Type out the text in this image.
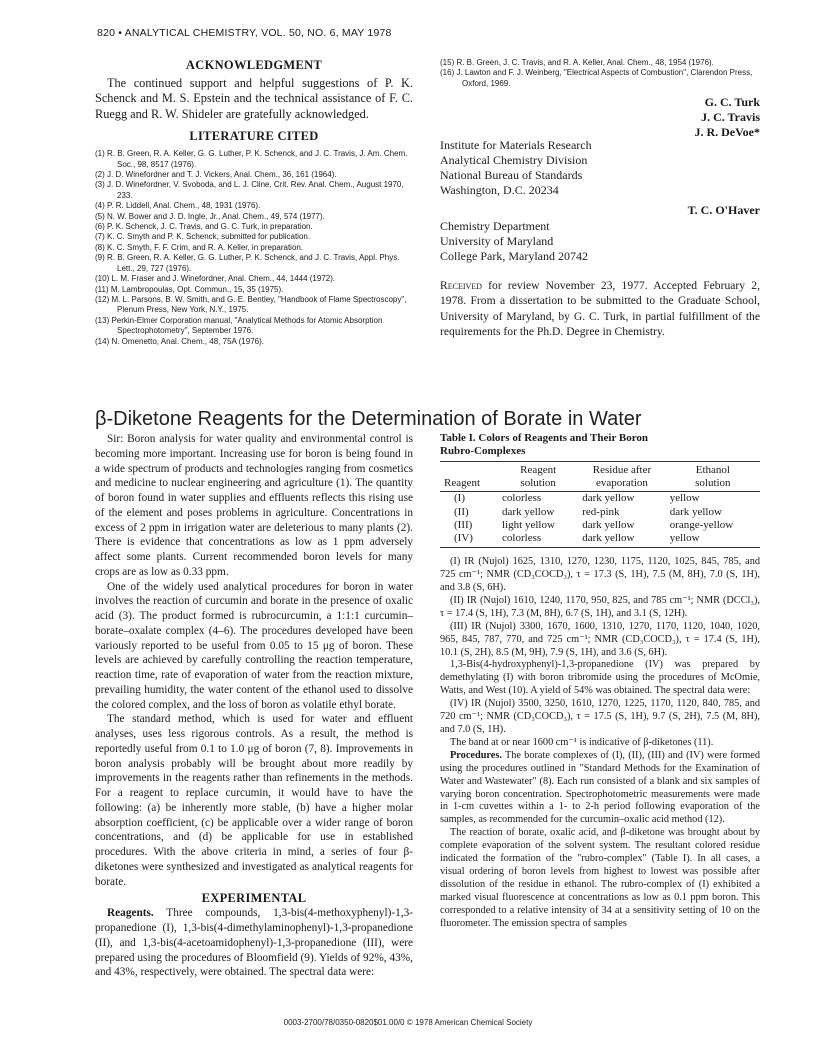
820 • ANALYTICAL CHEMISTRY, VOL. 50, NO. 6, MAY 1978
ACKNOWLEDGMENT

The continued support and helpful suggestions of P. K. Schenck and M. S. Epstein and the technical assistance of F. C. Ruegg and R. W. Shideler are gratefully acknowledged.

LITERATURE CITED
(1) R. B. Green, R. A. Keller, G. G. Luther, P. K. Schenck, and J. C. Travis, J. Am. Chem. Soc., 98, 8517 (1976).
(2) J. D. Winefordner and T. J. Vickers, Anal. Chem., 36, 161 (1964).
(3) J. D. Winefordner, V. Svoboda, and L. J. Cline, Crit. Rev. Anal. Chem., August 1970, 233.
(4) P. R. Liddell, Anal. Chem., 48, 1931 (1976).
(5) N. W. Bower and J. D. Ingle, Jr., Anal. Chem., 49, 574 (1977).
(6) P. K. Schenck, J. C. Travis, and G. C. Turk, in preparation.
(7) K. C. Smyth and P. K. Schenck, submitted for publication.
(8) K. C. Smyth, F. F. Crim, and R. A. Keller, in preparation.
(9) R. B. Green, R. A. Keller, G. G. Luther, P. K. Schenck, and J. C. Travis, Appl. Phys. Lett., 29, 727 (1976).
(10) L. M. Fraser and J. Winefordner, Anal. Chem., 44, 1444 (1972).
(11) M. Lambropoulas, Opt. Commun., 15, 35 (1975).
(12) M. L. Parsons, B. W. Smith, and G. E. Bentley, "Handbook of Flame Spectroscopy", Plenum Press, New York, N.Y., 1975.
(13) Perkin-Elmer Corporation manual, "Analytical Methods for Atomic Absorption Spectrophotometry", September 1976.
(14) N. Omenetto, Anal. Chem., 48, 75A (1976).
(15) R. B. Green, J. C. Travis, and R. A. Keller, Anal. Chem., 48, 1954 (1976).
(16) J. Lawton and F. J. Weinberg, "Electrical Aspects of Combustion", Clarendon Press, Oxford, 1969.
G. C. Turk
J. C. Travis
J. R. DeVoe*
Institute for Materials Research
Analytical Chemistry Division
National Bureau of Standards
Washington, D.C. 20234
T. C. O'Haver
Chemistry Department
University of Maryland
College Park, Maryland 20742

Received for review November 23, 1977. Accepted February 2, 1978. From a dissertation to be submitted to the Graduate School, University of Maryland, by G. C. Turk, in partial fulfillment of the requirements for the Ph.D. Degree in Chemistry.

β-Diketone Reagents for the Determination of Borate in Water

Sir: Boron analysis for water quality and environmental control is becoming more important. Increasing use for boron is being found in a wide spectrum of products and technologies ranging from cosmetics and medicine to nuclear engineering and agriculture (1). The quantity of boron found in water supplies and effluents reflects this rising use of the element and poses problems in agriculture. Concentrations in excess of 2 ppm in irrigation water are deleterious to many plants (2). There is evidence that concentrations as low as 1 ppm adversely affect some plants. Current recommended boron levels for many crops are as low as 0.33 ppm.

One of the widely used analytical procedures for boron in water involves the reaction of curcumin and borate in the presence of oxalic acid (3). The product formed is rubrocurcumin, a 1:1:1 curcumin–borate–oxalate complex (4–6). The procedures developed have been variously reported to be useful from 0.05 to 15 μg of boron. These levels are achieved by carefully controlling the reaction temperature, reaction time, rate of evaporation of water from the reaction mixture, prevailing humidity, the water content of the ethanol used to dissolve the colored complex, and the loss of boron as volatile ethyl borate.

The standard method, which is used for water and effluent analyses, uses less rigorous controls. As a result, the method is reportedly useful from 0.1 to 1.0 μg of boron (7, 8). Improvements in boron analysis probably will be brought about more readily by improvements in the reagents rather than refinements in the methods. For a reagent to replace curcumin, it would have to have the following: (a) be inherently more stable, (b) have a higher molar absorption coefficient, (c) be applicable over a wider range of boron concentrations, and (d) be applicable for use in established procedures. With the above criteria in mind, a series of four β-diketones were synthesized and investigated as analytical reagents for borate.

EXPERIMENTAL

Reagents. Three compounds, 1,3-bis(4-methoxyphenyl)-1,3-propanedione (I), 1,3-bis(4-dimethylaminophenyl)-1,3-propanedione (II), and 1,3-bis(4-acetoamidophenyl)-1,3-propanedione (III), were prepared using the procedures of Bloomfield (9). Yields of 92%, 43%, and 43%, respectively, were obtained. The spectral data were:

Table I. Colors of Reagents and Their Boron Rubro-Complexes
	Reagent	Residue after	Ethanol
Reagent	solution	evaporation	solution

(I)	colorless	dark yellow	yellow
(II)	dark yellow	red-pink	dark yellow
(III)	light yellow	dark yellow	orange-yellow
(IV)	colorless	dark yellow	yellow

(I) IR (Nujol) 1625, 1310, 1270, 1230, 1175, 1120, 1025, 845, 785, and 725 cm⁻¹; NMR (CD₃COCD₃), τ = 17.3 (S, 1H), 7.5 (M, 8H), 7.0 (S, 1H), and 3.8 (S, 6H).

(II) IR (Nujol) 1610, 1240, 1170, 950, 825, and 785 cm⁻¹; NMR (DCCl₃), τ = 17.4 (S, 1H), 7.3 (M, 8H), 6.7 (S, 1H), and 3.1 (S, 12H).

(III) IR (Nujol) 3300, 1670, 1600, 1310, 1270, 1170, 1120, 1040, 1020, 965, 845, 787, 770, and 725 cm⁻¹; NMR (CD₃COCD₃), τ = 17.4 (S, 1H), 10.1 (S, 2H), 8.5 (M, 9H), 7.9 (S, 1H), and 3.6 (S, 6H).

1,3-Bis(4-hydroxyphenyl)-1,3-propanedione (IV) was prepared by demethylating (I) with boron tribromide using the procedures of McOmie, Watts, and West (10). A yield of 54% was obtained. The spectral data were:

(IV) IR (Nujol) 3500, 3250, 1610, 1270, 1225, 1170, 1120, 840, 785, and 720 cm⁻¹; NMR (CD₃COCD₃), τ = 17.5 (S, 1H), 9.7 (S, 2H), 7.5 (M, 8H), and 7.0 (S, 1H).

The band at or near 1600 cm⁻¹ is indicative of β-diketones (11).

Procedures. The borate complexes of (I), (II), (III) and (IV) were formed using the procedures outlined in "Standard Methods for the Examination of Water and Wastewater" (8). Each run consisted of a blank and six samples of varying boron concentration. Spectrophotometric measurements were made in 1-cm cuvettes within a 1- to 2-h period following evaporation of the samples, as recommended for the curcumin–oxalic acid method (12).

The reaction of borate, oxalic acid, and β-diketone was brought about by complete evaporation of the solvent system. The resultant colored residue indicated the formation of the "rubro-complex" (Table I). In all cases, a visual ordering of boron levels from highest to lowest was possible after dissolution of the residue in ethanol. The rubro-complex of (I) exhibited a marked visual fluorescence at concentrations as low as 0.1 ppm boron. This corresponded to a relative intensity of 34 at a sensitivity setting of 10 on the fluorometer. The emission spectra of samples

0003-2700/78/0350-0820$01.00/0 © 1978 American Chemical Society
